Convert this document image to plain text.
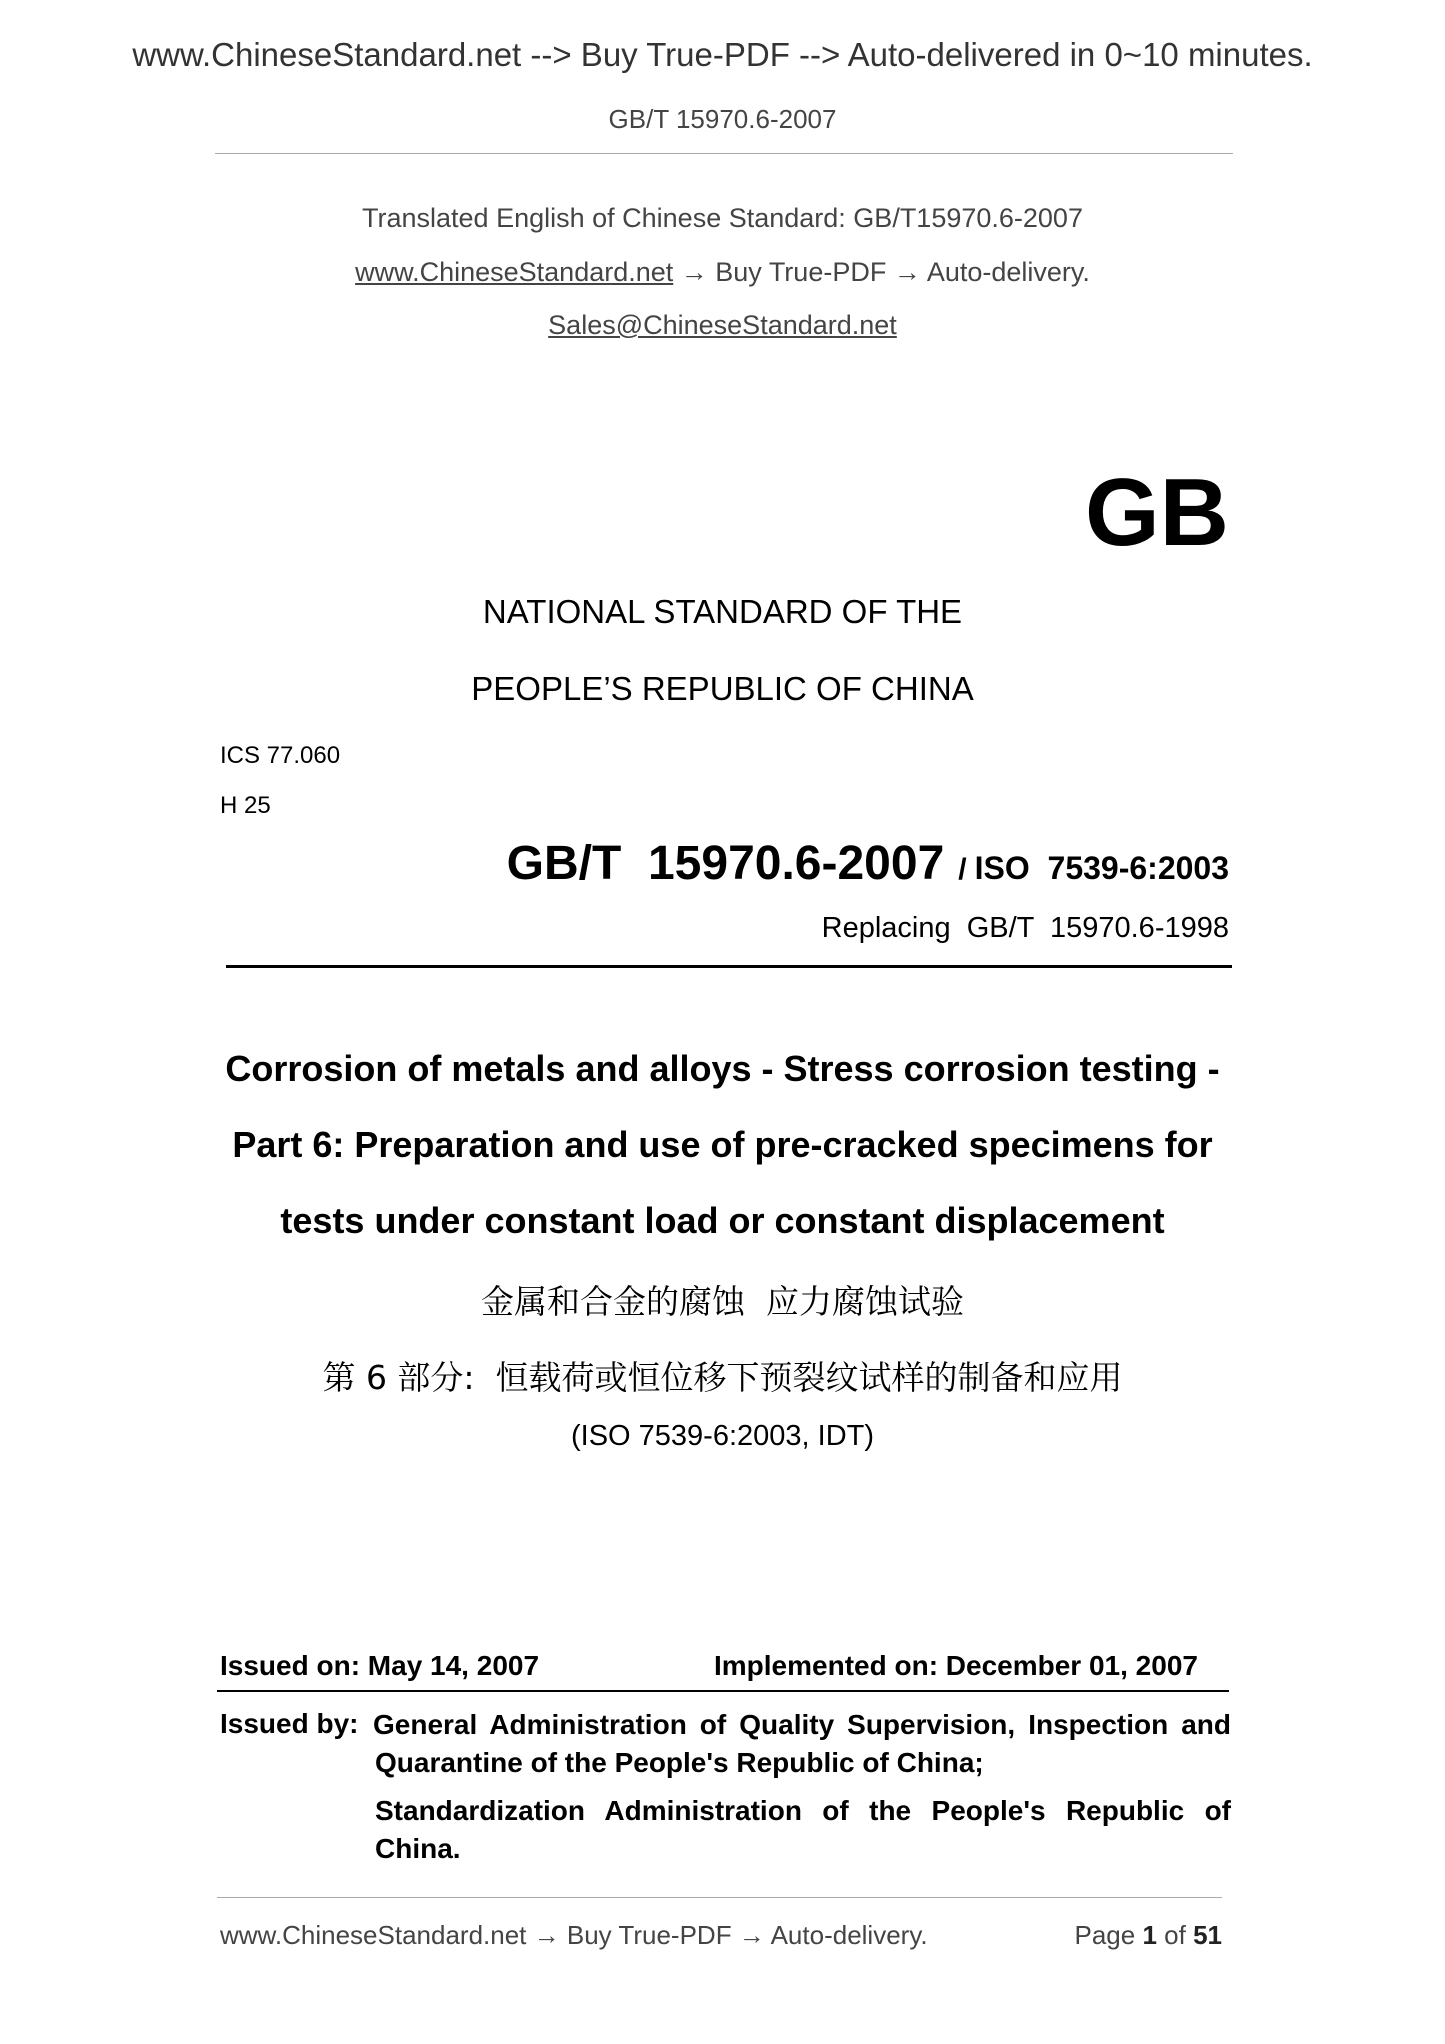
www.ChineseStandard.net --> Buy True-PDF --> Auto-delivered in 0~10 minutes.
GB/T 15970.6-2007
Translated English of Chinese Standard: GB/T15970.6-2007
www.ChineseStandard.net → Buy True-PDF → Auto-delivery.
Sales@ChineseStandard.net
GB
NATIONAL STANDARD OF THE
PEOPLE’S REPUBLIC OF CHINA
ICS 77.060
H 25
GB/T  15970.6-2007 / ISO  7539-6:2003
Replacing  GB/T  15970.6-1998
Corrosion of metals and alloys - Stress corrosion testing -
Part 6: Preparation and use of pre-cracked specimens for
tests under constant load or constant displacement
金属和合金的腐蚀  应力腐蚀试验
第 6 部分:  恒载荷或恒位移下预裂纹试样的制备和应用
(ISO 7539-6:2003, IDT)
Issued on: May 14, 2007	Implemented on: December 01, 2007
Issued by: General Administration of Quality Supervision, Inspection and Quarantine of the People's Republic of China;
Standardization Administration of the People's Republic of China.
www.ChineseStandard.net → Buy True-PDF → Auto-delivery.	Page 1 of 51
